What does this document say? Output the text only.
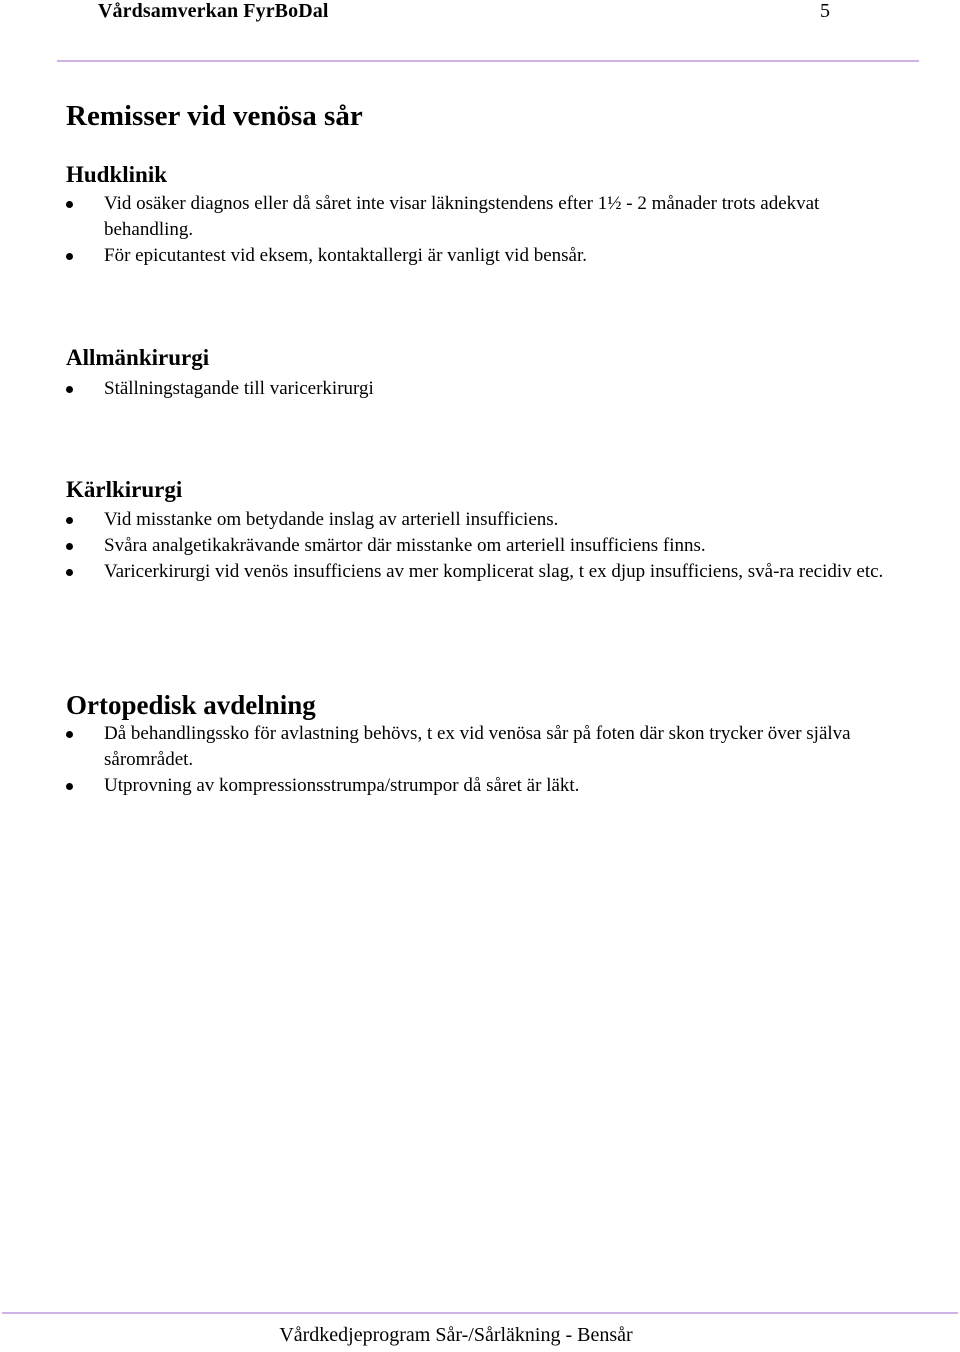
Vårdsamverkan FyrBoDal	5
Remisser vid venösa sår
Hudklinik
Vid osäker diagnos eller då såret inte visar läkningstendens efter 1½ - 2 månader trots adekvat behandling.
För epicutantest vid eksem, kontaktallergi är vanligt vid bensår.
Allmänkirurgi
Ställningstagande till varicerkirurgi
Kärlkirurgi
Vid misstanke om betydande inslag av arteriell insufficiens.
Svåra analgetikakrävande smärtor där misstanke om arteriell insufficiens finns.
Varicerkirurgi vid venös insufficiens av mer komplicerat slag, t ex djup insufficiens, svå-ra recidiv etc.
Ortopedisk avdelning
Då behandlingssko för avlastning behövs, t ex vid venösa sår på foten där skon trycker över själva sårområdet.
Utprovning av kompressionsstrumpa/strumpor då såret är läkt.
Vårdkedjeprogram Sår-/Sårläkning - Bensår
